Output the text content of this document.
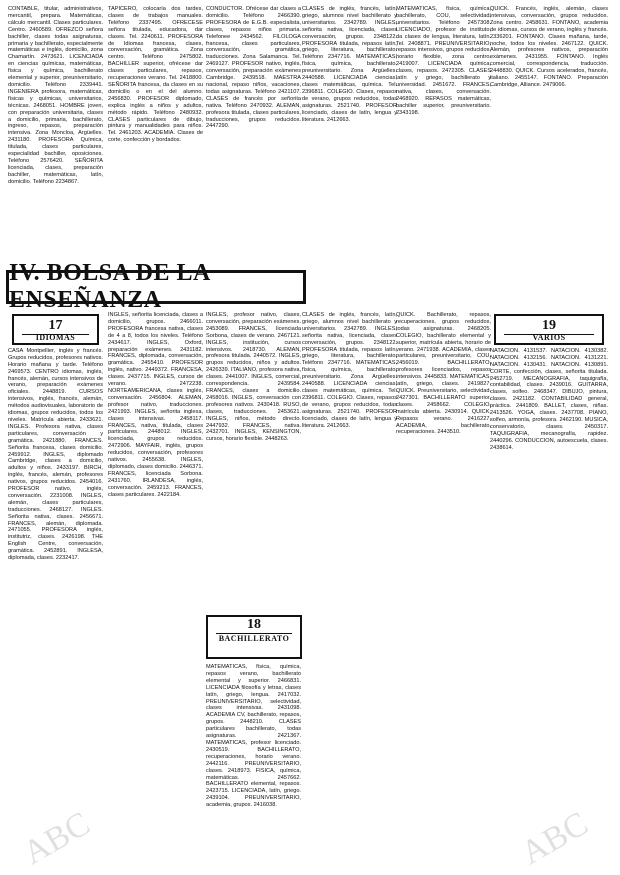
CONTABLE, titular, administrativos, mercantil, prepara. Matemáticas, cálculo mercantil. Clases particulares. Centro. 2460589. OFREZCO señora bachiller, clases todas asignaturas, primaria y bachillerato, especialmente matemáticas e inglés, domicilio, zona Chamartín. 2473621. LICENCIADA en ciencias químicas, matemáticas, física y química, bachillerato elemental y superior, preuniversitario, domicilio. Teléfono 2339441. INGENIERA profesora, matemáticas, físicas y químicas, universitarios, técnicas. 2468051. HOMBRE joven, con preparación universitaria, clases a domicilio, primaria, bachillerato, ingreso, repasos, preparación intensiva. Zona Moncloa, Argüelles. 2431180. PROFESORA Química, titulada, clases particulares, especialidad bachiller, oposiciones. Teléfono 2576420. SEÑORITA licenciada, clases, preparación bachiller, matemáticas, latín, domicilio. Teléfono 2234867.
TAPICERO, colocaría dos tardes, clases de trabajos manuales. Teléfono 2337495. OFRECESE señora titulada, educadora, dar clases. Tel. 2240611. PROFESORA de Idiomas francesa, clases, conversación, gramática. Zona centro. Teléfono 2475802. BACHILLER superior, ofrécese dar clases particulares, repasos, recuperaciones verano. Tel. 2418800. SEÑORITA francesa, da clases en su domicilio o en el del alumno. 2456830. PROFESOR diplomado, explica inglés a niños y adultos, método rápido. Teléfono 2480932. CLASES particulares de dibujo, pintura y manualidades para niños. Tel. 2461203. ACADEMIA. Clases de corte, confección y bordados.
CONDUCTOR. Ofrécese dar clases a domicilio. Teléfono 2466390. PROFESORA de E.G.B. especialista, clases, repasos niños primaria. Telefonee 2434562. FILOLOGA francesa, clases particulares, conversación, gramática, traducciones. Zona Salamanca. Tel. 2469127. PROFESOR nativo, inglés, conversación, preparación exámenes Cambridge. 2439518. MAESTRA nacional, repaso niños, vacaciones, todas asignaturas. Teléfono 2421107. CLASES de francés por señorita nativa. Teléfono 2470932. ALEMAN, profesora titulada, clases particulares, traducciones, grupos reducidos. 2447290.
CLASES de inglés, francés, latín, griego, alumnos nivel bachillerato y universitarios. 2342789. INGLES, señorita nativa, licenciada, clases conversación, grupos. 2348122. PROFESORA titulada, repasos latín, griego, literatura, bachillerato. Teléfono 2347716. MATEMATICAS, física, química, bachillerato, preuniversitario. Zona Argüelles. 2440588. LICENCIADA ciencias, clases matemáticas, química. Tel. 2396811. COLEGIO. Clases, repasos de verano, grupos reducidos, todas asignaturas. 2521740. PROFESOR licenciado, clases de latín, lengua y literatura. 2412663.
MATEMATICAS, física, química, bachillerato, COU, selectividad, universitarios. Teléfono 2457308. LICENCIADO, profesor de instituto, da clases de lengua, literatura, latín. Tel. 2408871. PREUNIVERSITARIO, repasos intensivos, grupos reducidos, horario flexible, zona centro. 2419007. LICENCIADA química, clases, repasos. 2472305. CLASES latín y griego, bachillerato y universidad. 2451672. FRANCES, nativa, clases, conversación. 2468920. REPASOS matemáticas, bachiller superior, preuniversitario. 2343198.
QUICK. Francés, inglés, alemán, clases intensivas, conversación, grupos reducidos. Zona centro. 2458631. FONTANO, academia de idiomas, cursos de verano, inglés y francés. 2336201. FONTANO. Clases mañana, tarde, noche, todos los niveles. 2467122. QUICK. Alemán, profesores nativos, preparación exámenes. 2431955. FONTANO. Inglés comercial, correspondencia, traducción. 2448830. QUICK. Cursos acelerados, francés, italiano. 2455147. FONTANO. Preparación Cambridge, Alliance. 2479066.
IV. BOLSA DE LA ENSEÑANZA
17
IDIOMAS

CASA Montpellier, inglés y francés. Grupos reducidos, profesores nativos. Horario mañana y tarde. Teléfono 2469573. CENTRO idiomas, inglés, francés, alemán, cursos intensivos de verano, preparación exámenes oficiales. 2448819. CURSOS intensivos, inglés, francés, alemán, métodos audiovisuales, laboratorio de idiomas, grupos reducidos, todos los niveles. Matrícula abierta. 2433621. INGLES. Profesora nativa, clases particulares, conversación y gramática. 2421880. FRANCES. Señorita francesa, clases domicilio. 2459912. INGLES, diplomado Cambridge, clases a domicilio, adultos y niños. 2433197. BIRCH, inglés, francés, alemán, profesores nativos, grupos reducidos. 2454016. PROFESOR nativo, inglés, conversación. 2231008. INGLES, alemán, clases particulares, traducciones. 2468127. INGLES. Señorita nativa, clases. 2456671. FRANCES, alemán, diplomada. 2471055. PROFESORA inglés, institutriz, clases. 2426198. THE English Centre, conversación, gramática. 2452891. INGLESA, diplomada, clases. 2232417.

INGLES, señorita licenciada, clases a domicilio, grupos. 2466011. PROFESORA francesa nativa, clases de 4 a 8, todos los niveles. Teléfono 2434617. INGLES, Oxford, preparación exámenes. 2431182. FRANCES, diplomada, conversación, gramática. 2455410. PROFESOR inglés, nativo. 2449372. FRANCESA, clases. 2437715. INGLES, cursos de verano. 2472238. NORTEAMERICANA, clases inglés, conversación. 2456804. ALEMAN, profesor nativo, traducciones. 2421993. INGLES, señorita inglesa, clases intensivas. 2458117. FRANCES, nativa, titulada, clases particulares. 2448012. INGLES, licenciada, grupos reducidos. 2472906. MAYFAIR, inglés, grupos reducidos, conversación, profesores nativos. 2455638. INGLES, diplomado, clases domicilio. 2446371. FRANCES, licenciada Sorbona. 2431760. IRLANDESA, inglés, conversación. 2459213. FRANCES, clases particulares. 2422184.
INGLES, profesor nativo, clases, conversación, preparación exámenes. 2453089. FRANCES, licenciada Sorbona, clases de verano. 2467121. INGLES, institución, cursos intensivos. 2418730. ALEMAN, profesora titulada. 2440572. INGLES, grupos reducidos, niños y adultos. 2426339. ITALIANO, profesora nativa, clases. 2441007. INGLES, comercial, correspondencia. 2439584. FRANCES, clases a domicilio. 2458016. INGLES, conversación con profesores nativos. 2430418. RUSO, clases, traducciones. 2453621. INGLES, niños, método directo. 2447932. FRANCES, nativa. 2432701. INGLES, KENSINGTON, cursos, horario flexible. 2448263.
18
BACHILLERATO
MATEMATICAS, física, química, repasos verano, bachillerato elemental y superior. 2466831. LICENCIADA filosofía y letras, clases latín, griego, lengua. 2417032. PREUNIVERSITARIO, selectividad, clases intensivas. 2431098. ACADEMIA CV, bachillerato, repasos, grupos. 2448210. CLASES particulares bachillerato, todas asignaturas. 2421367. MATEMATICAS, profesor licenciado. 2430519. BACHILLERATO, recuperaciones, horario verano. 2442116. PREUNIVERSITARIO, clases. 2418973. FISICA, química, matemáticas. 2457662. BACHILLERATO elemental, repasos. 2423715. LICENCIADA, latín, griego. 2439104. PREUNIVERSITARIO, academia, grupos. 2416038.
CLASES de inglés, francés, latín, griego, alumnos nivel bachillerato y universitarios. 2342789. INGLES, señorita nativa, licenciada, clases conversación, grupos. 2348122. PROFESORA titulada, repasos latín, griego, literatura, bachillerato. Teléfono 2347716. MATEMATICAS, física, química, bachillerato, preuniversitario. Zona Argüelles. 2440588. LICENCIADA ciencias, clases matemáticas, química. Tel. 2396811. COLEGIO. Clases, repasos de verano, grupos reducidos, todas asignaturas. 2521740. PROFESOR licenciado, clases de latín, lengua y literatura. 2412663.
QUICK. Bachillerato, repasos, recuperaciones, grupos reducidos, todas asignaturas. 2468205. COLEGIO, bachillerato elemental y superior, matrícula abierta, horario de verano. 2471938. ACADEMIA, clases particulares, preuniversitario, COU. 2456019. BACHILLERATO, profesores licenciados, repasos intensivos. 2445833. MATEMATICAS, latín, griego, clases. 2419827. QUICK. Preuniversitario, selectividad. 2427301. BACHILLERATO superior, clases. 2458662. COLEGIO, matrícula abierta. 2430914. QUICK. Repasos verano. 2416227. ACADEMIA, bachillerato, recuperaciones. 2443510.
19
VARIOS

NATACION. 4131537. NATACION. 4130382. NATACION. 4132156. NATACION. 4131221. NATACION. 4130431. NATACION. 4130891. CORTE, confección, clases, señorita titulada. 2452719. MECANOGRAFIA, taquigrafía, contabilidad, clases. 2439016. GUITARRA, clases, solfeo. 2468347. DIBUJO, pintura, clases. 2421182. CONTABILIDAD general, práctica. 2441809. BALLET, clases, niñas. 2413526. YOGA, clases. 2437708. PIANO, solfeo, armonía, profesora. 2462190. MUSICA, conservatorio, clases. 2450317. TAQUIGRAFIA, mecanografía, rapidez. 2440296. CONDUCCION, autoescuela, clases. 2438614.

ABC	ABC
